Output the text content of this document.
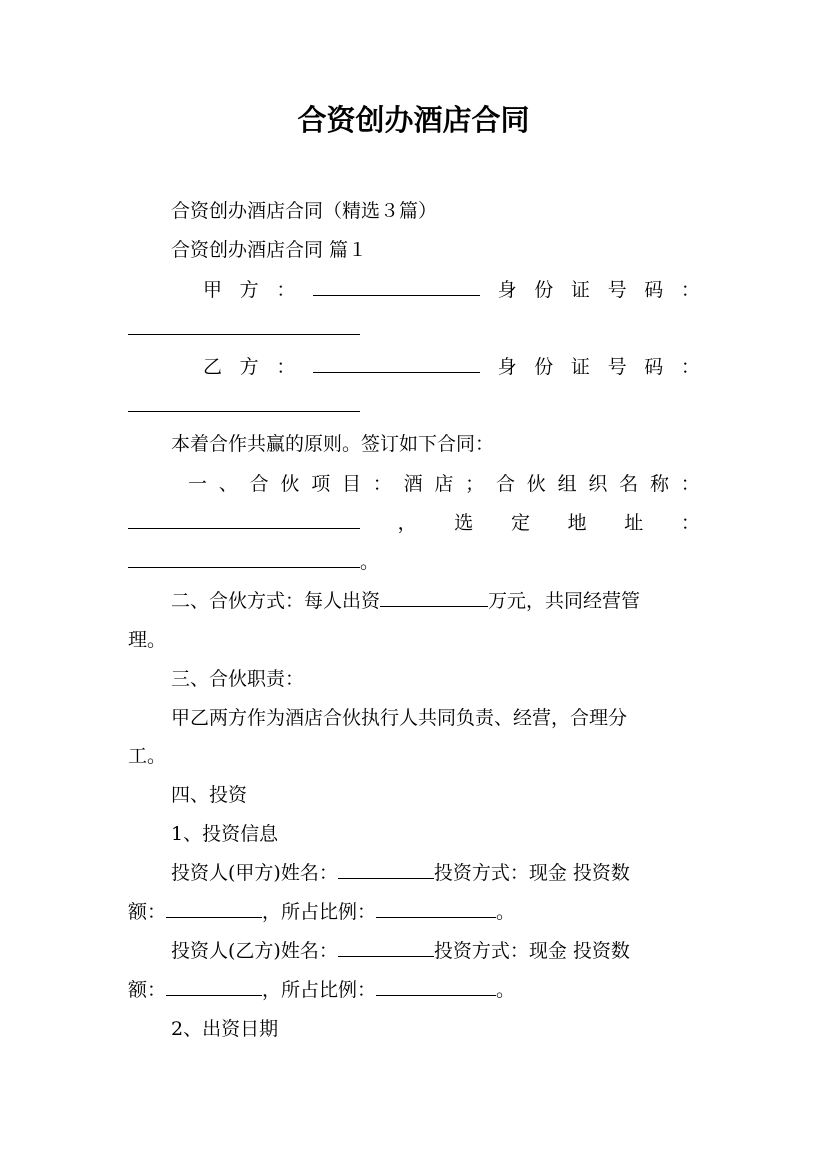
合资创办酒店合同
合资创办酒店合同（精选３篇）
合资创办酒店合同 篇１
甲 方 ：	身 份 证 号 码 ：
乙 方 ：	身 份 证 号 码 ：
本着合作共赢的原则。签订如下合同：
一 、 合 伙 项 目 ： 酒 店 ； 合 伙 组 织 名 称 ：
， 选 定 地 址 ：
。
二、合伙方式：每人出资	万元，共同经营管
理。
三、合伙职责：
甲乙两方作为酒店合伙执行人共同负责、经营，合理分
工。
四、投资
1、投资信息
投资人(甲方)姓名：	投资方式：现金 投资数
额：	，所占比例：	。
投资人(乙方)姓名：	投资方式：现金 投资数
额：	，所占比例：	。
2、出资日期
